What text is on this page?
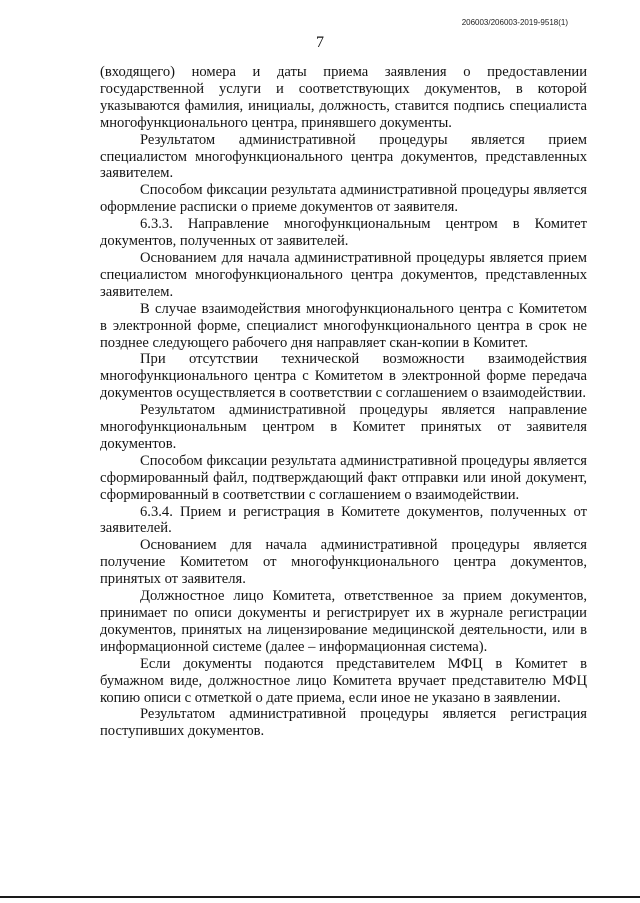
206003/206003-2019-9518(1)
7

(входящего) номера и даты приема заявления о предоставлении государственной услуги и соответствующих документов, в которой указываются фамилия, инициалы, должность, ставится подпись специалиста многофункционального центра, принявшего документы.

Результатом административной процедуры является прием специалистом многофункционального центра документов, представленных заявителем.

Способом фиксации результата административной процедуры является оформление расписки о приеме документов от заявителя.

6.3.3. Направление многофункциональным центром в Комитет документов, полученных от заявителей.

Основанием для начала административной процедуры является прием специалистом многофункционального центра документов, представленных заявителем.

В случае взаимодействия многофункционального центра с Комитетом в электронной форме, специалист многофункционального центра в срок не позднее следующего рабочего дня направляет скан-копии в Комитет.

При отсутствии технической возможности взаимодействия многофункционального центра с Комитетом в электронной форме передача документов осуществляется в соответствии с соглашением о взаимодействии.

Результатом административной процедуры является направление многофункциональным центром в Комитет принятых от заявителя документов.

Способом фиксации результата административной процедуры является сформированный файл, подтверждающий факт отправки или иной документ, сформированный в соответствии с соглашением о взаимодействии.

6.3.4. Прием и регистрация в Комитете документов, полученных от заявителей.

Основанием для начала административной процедуры является получение Комитетом от многофункционального центра документов, принятых от заявителя.

Должностное лицо Комитета, ответственное за прием документов, принимает по описи документы и регистрирует их в журнале регистрации документов, принятых на лицензирование медицинской деятельности, или в информационной системе (далее – информационная система).

Если документы подаются представителем МФЦ в Комитет в бумажном виде, должностное лицо Комитета вручает представителю МФЦ копию описи с отметкой о дате приема, если иное не указано в заявлении.

Результатом административной процедуры является регистрация поступивших документов.
